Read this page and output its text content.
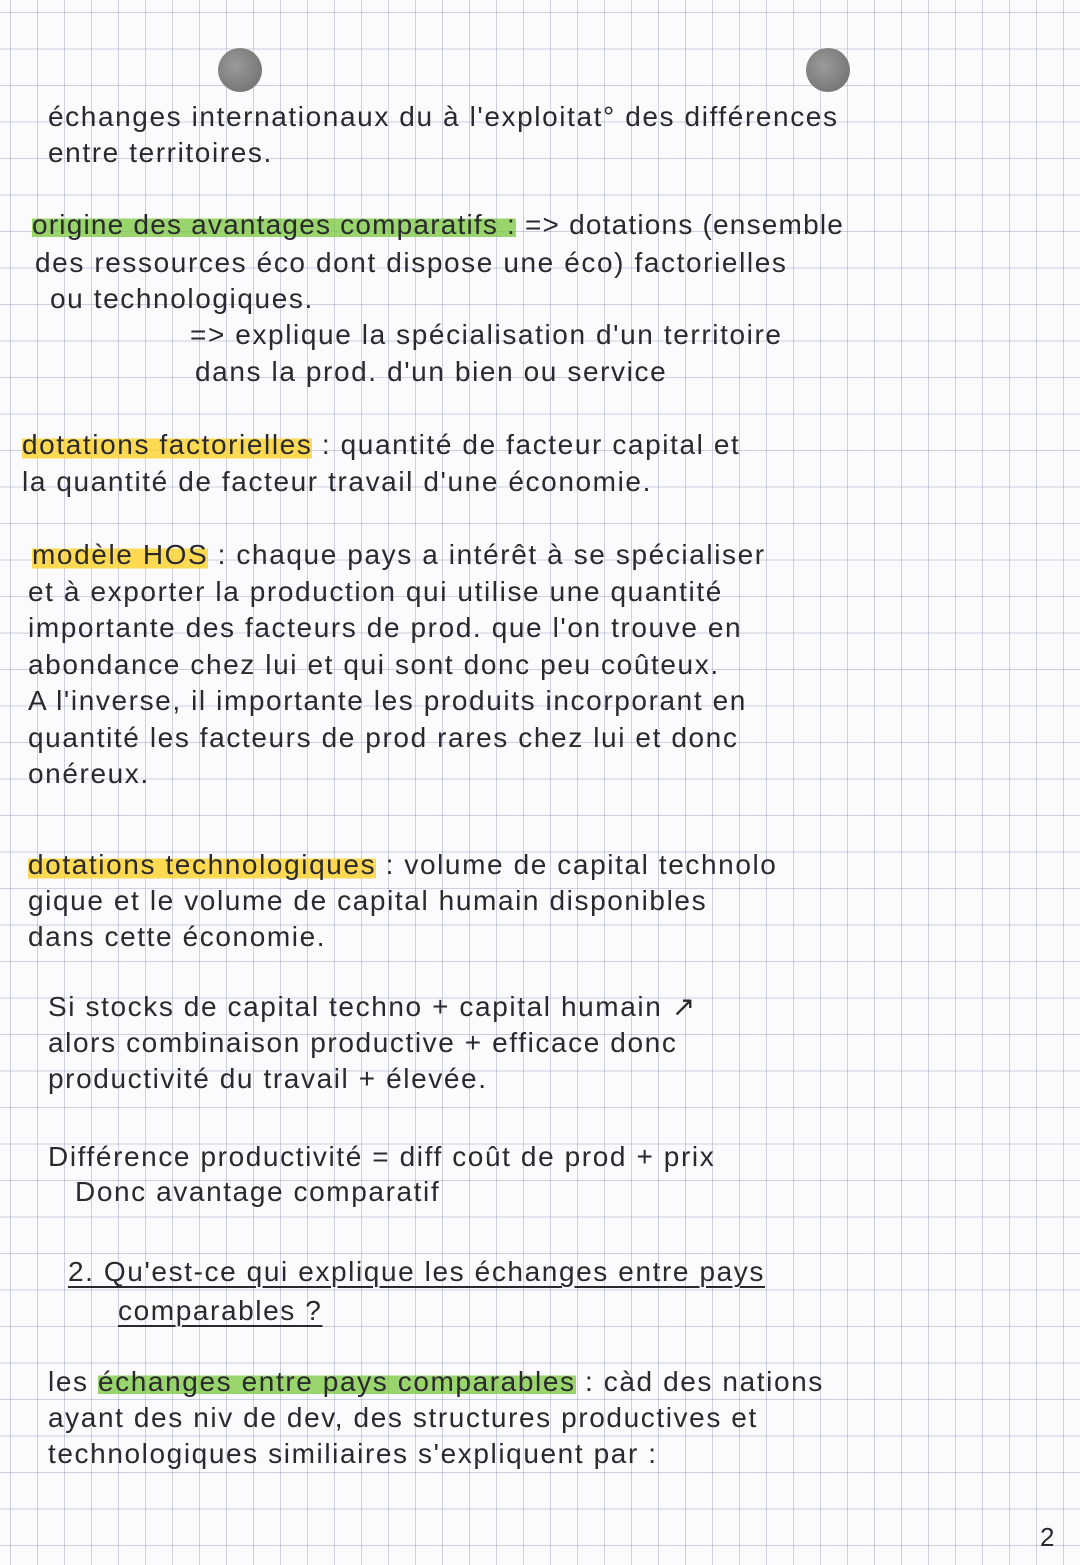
échanges internationaux du à l'exploitat° des différences
entre territoires.
origine des avantages comparatifs : => dotations (ensemble
des ressources éco dont dispose une éco) factorielles
ou technologiques.
=> explique la spécialisation d'un territoire
dans la prod. d'un bien ou service
dotations factorielles : quantité de facteur capital et
la quantité de facteur travail d'une économie.
modèle HOS : chaque pays a intérêt à se spécialiser
et à exporter la production qui utilise une quantité
importante des facteurs de prod. que l'on trouve en
abondance chez lui et qui sont donc peu coûteux.
A l'inverse, il importante les produits incorporant en
quantité les facteurs de prod rares chez lui et donc
onéreux.
dotations technologiques : volume de capital technolo
gique et le volume de capital humain disponibles
dans cette économie.
Si stocks de capital techno + capital humain ↗
alors combinaison productive + efficace donc
productivité du travail + élevée.
Différence productivité = diff coût de prod + prix
Donc avantage comparatif
2. Qu'est-ce qui explique les échanges entre pays
comparables ?
les échanges entre pays comparables : càd des nations
ayant des niv de dev, des structures productives et
technologiques similiaires s'expliquent par :
2
